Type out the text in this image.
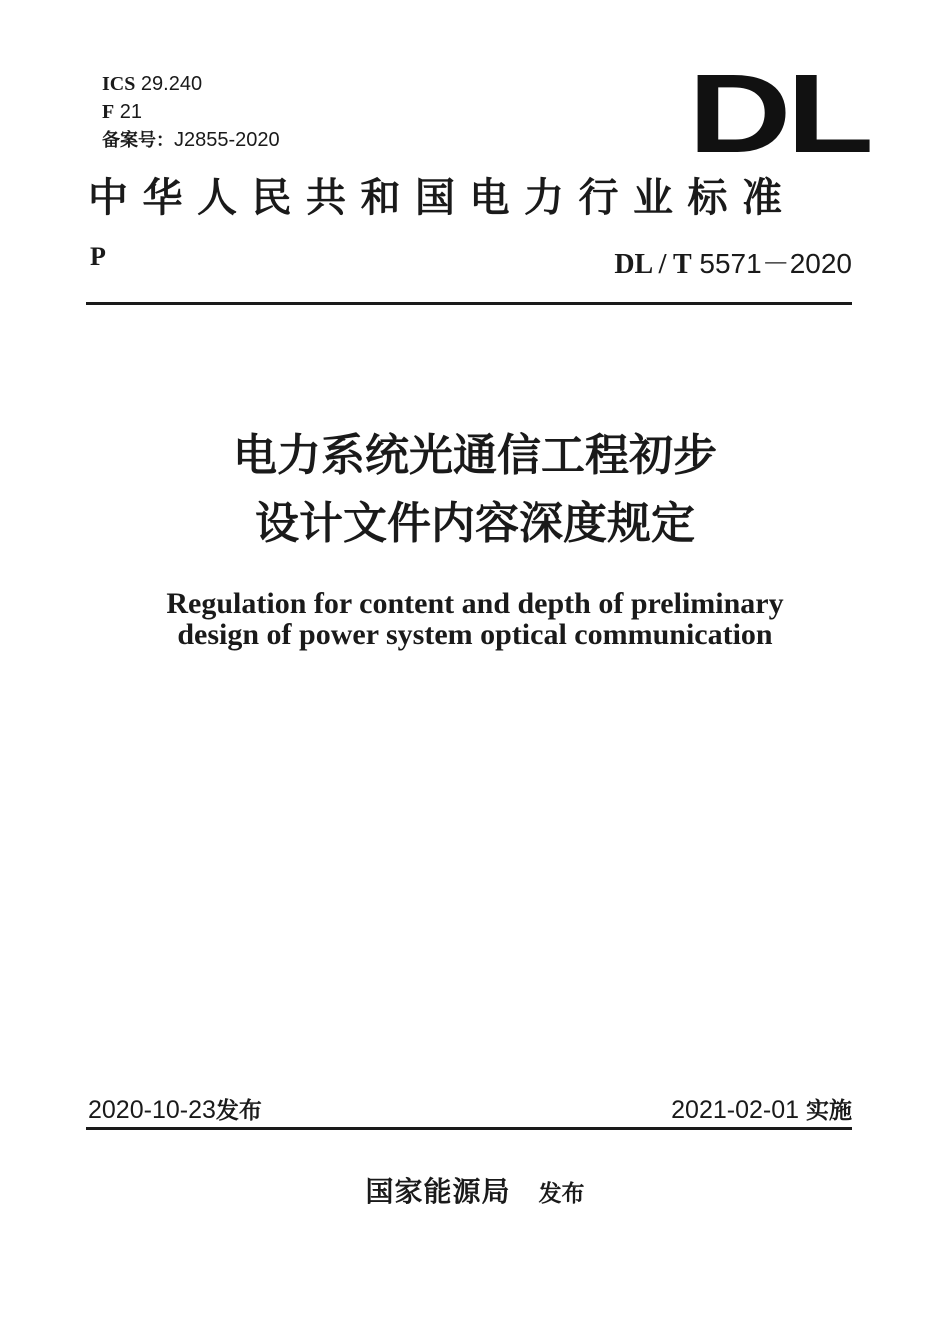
ICS 29.240
F 21
备案号：J2855-2020	DL
中华人民共和国电力行业标准
P	DL / T 5571－2020
电力系统光通信工程初步
设计文件内容深度规定
Regulation for content and depth of preliminary
design of power system optical communication
2020-10-23发布	2021-02-01 实施
国家能源局 发布
